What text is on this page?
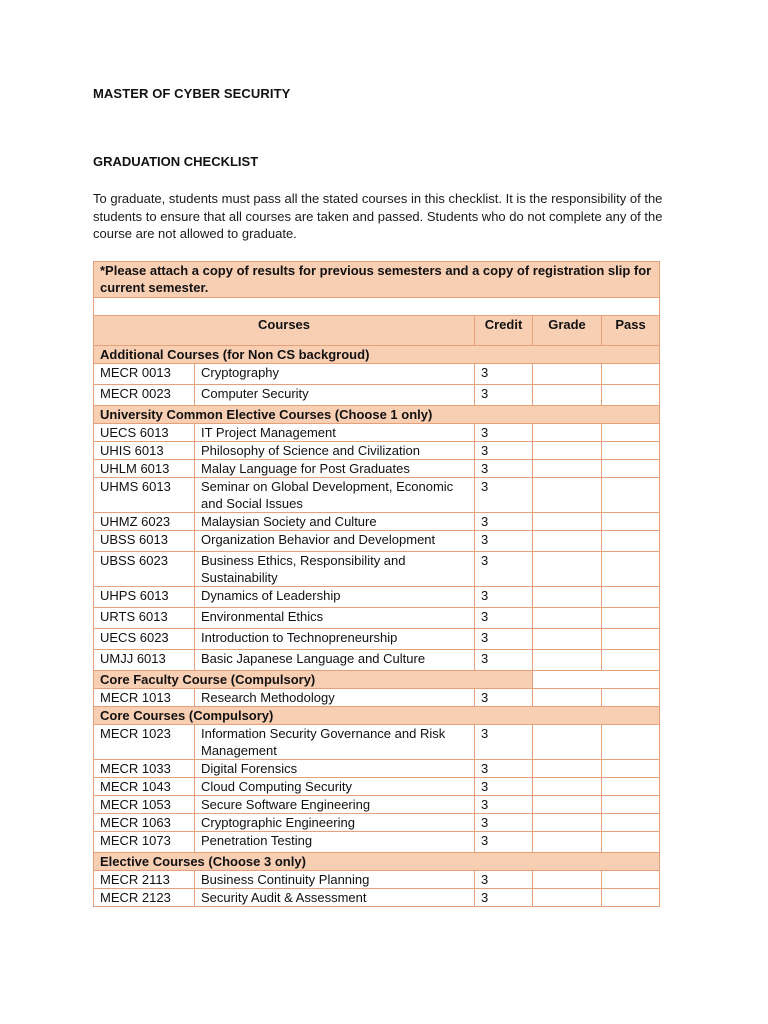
MASTER OF CYBER SECURITY
GRADUATION CHECKLIST
To graduate, students must pass all the stated courses in this checklist. It is the responsibility of the students to ensure that all courses are taken and passed. Students who do not complete any of the course are not allowed to graduate.
*Please attach a copy of results for previous semesters and a copy of registration slip for current semester.				

Courses		Credit	Grade	Pass
Additional Courses (for Non CS backgroud)				
MECR 0013	Cryptography	3		
MECR 0023	Computer Security	3		
University Common Elective Courses (Choose 1 only)				
UECS 6013	IT Project Management	3		
UHIS 6013	Philosophy of Science and Civilization	3		
UHLM 6013	Malay Language for Post Graduates	3		
UHMS 6013	Seminar on Global Development, Economic and Social Issues	3		
UHMZ 6023	Malaysian Society and Culture	3		
UBSS 6013	Organization Behavior and Development	3		
UBSS 6023	Business Ethics, Responsibility and Sustainability	3		
UHPS 6013	Dynamics of Leadership	3		
URTS 6013	Environmental Ethics	3		
UECS 6023	Introduction to Technopreneurship	3		
UMJJ 6013	Basic Japanese Language and Culture	3		
Core Faculty Course (Compulsory)				
MECR 1013	Research Methodology	3		
Core Courses (Compulsory)				
MECR 1023	Information Security Governance and Risk Management	3		
MECR 1033	Digital Forensics	3		
MECR 1043	Cloud Computing Security	3		
MECR 1053	Secure Software Engineering	3		
MECR 1063	Cryptographic Engineering	3		
MECR 1073	Penetration Testing	3		
Elective Courses (Choose 3 only)				
MECR 2113	Business Continuity Planning	3		
MECR 2123	Security Audit & Assessment	3		
